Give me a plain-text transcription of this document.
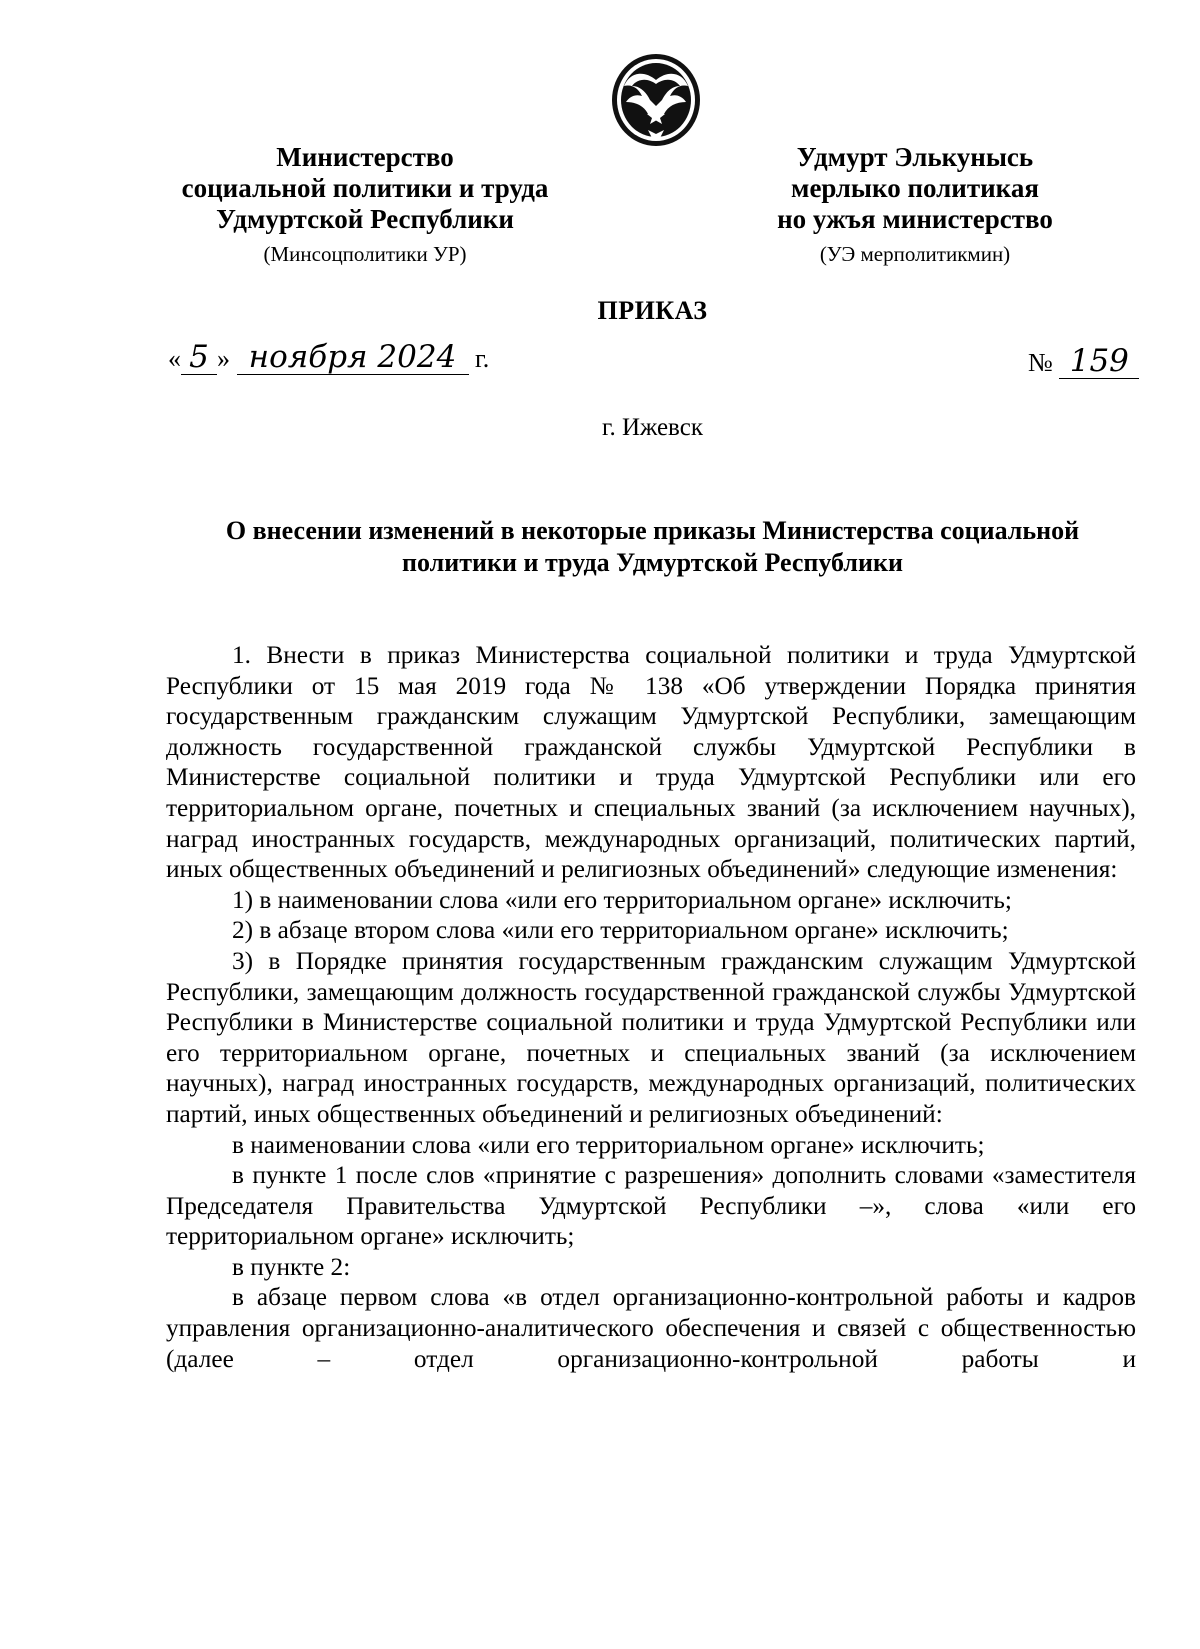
Министерство
социальной политики и труда
Удмуртской Республики
(Минсоцполитики УР)
Удмурт Элькунысь
мерлыко политикая
но ужъя министерство
(УЭ мерполитикмин)
ПРИКАЗ
« 5 » ноября 2024 г.	№ 159
г. Ижевск
О внесении изменений в некоторые приказы Министерства социальной
политики и труда Удмуртской Республики

1. Внести в приказ Министерства социальной политики и труда Удмуртской Республики от 15 мая 2019 года № 138 «Об утверждении Порядка принятия государственным гражданским служащим Удмуртской Республики, замещающим должность государственной гражданской службы Удмуртской Республики в Министерстве социальной политики и труда Удмуртской Республики или его территориальном органе, почетных и специальных званий (за исключением научных), наград иностранных государств, международных организаций, политических партий, иных общественных объединений и религиозных объединений» следующие изменения:

1) в наименовании слова «или его территориальном органе» исключить;

2) в абзаце втором слова «или его территориальном органе» исключить;

3) в Порядке принятия государственным гражданским служащим Удмуртской Республики, замещающим должность государственной гражданской службы Удмуртской Республики в Министерстве социальной политики и труда Удмуртской Республики или его территориальном органе, почетных и специальных званий (за исключением научных), наград иностранных государств, международных организаций, политических партий, иных общественных объединений и религиозных объединений:

в наименовании слова «или его территориальном органе» исключить;

в пункте 1 после слов «принятие с разрешения» дополнить словами «заместителя Председателя Правительства Удмуртской Республики –», слова «или его территориальном органе» исключить;

в пункте 2:

в абзаце первом слова «в отдел организационно-контрольной работы и кадров управления организационно-аналитического обеспечения и связей с общественностью (далее – отдел организационно-контрольной работы и
